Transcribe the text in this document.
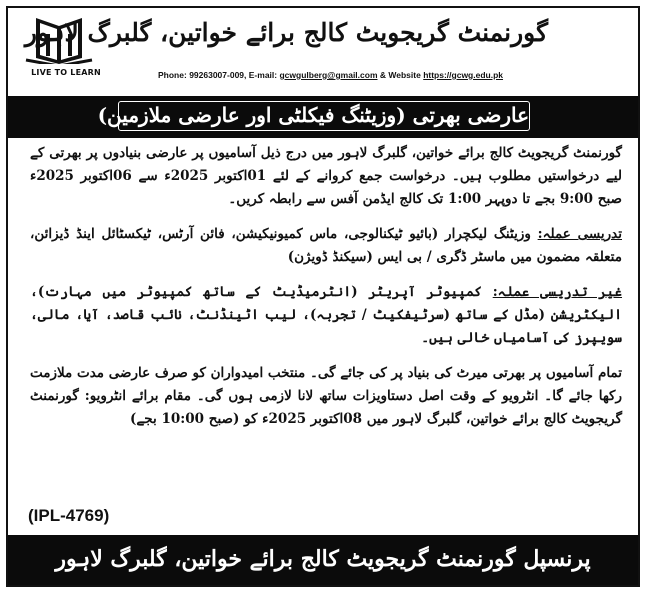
LIVE TO LEARN
گورنمنٹ گریجویٹ کالج برائے خواتین، گلبرگ لاہور
Phone: 99263007-009, E-mail: gcwgulberg@gmail.com & Website https://gcwg.edu.pk
عارضی بھرتی (وزیٹنگ فیکلٹی اور عارضی ملازمین)

گورنمنٹ گریجویٹ کالج برائے خواتین، گلبرگ لاہور میں درج ذیل آسامیوں پر عارضی بنیادوں پر بھرتی کے لیے درخواستیں مطلوب ہیں۔ درخواست جمع کروانے کے لئے 01اکتوبر 2025ء سے 06اکتوبر 2025ء صبح 9:00 بجے تا دوپہر 1:00 تک کالج ایڈمن آفس سے رابطہ کریں۔

تدریسی عملہ: وزیٹنگ لیکچرار (بائیو ٹیکنالوجی، ماس کمیونیکیشن، فائن آرٹس، ٹیکسٹائل اینڈ ڈیزائن، متعلقہ مضمون میں ماسٹر ڈگری / بی ایس (سیکنڈ ڈویژن)

غیر تدریسی عملہ: کمپیوٹر آپریٹر (انٹرمیڈیٹ کے ساتھ کمپیوٹر میں مہارت)، الیکٹریشن (مڈل کے ساتھ (سرٹیفکیٹ / تجربہ)، لیب اٹینڈنٹ، نائب قاصد، آیا، مالی، سویپرز کی آسامیاں خالی ہیں۔

تمام آسامیوں پر بھرتی میرٹ کی بنیاد پر کی جائے گی۔ منتخب امیدواران کو صرف عارضی مدت ملازمت رکھا جائے گا۔ انٹرویو کے وقت اصل دستاویزات ساتھ لانا لازمی ہوں گی۔ مقام برائے انٹرویو: گورنمنٹ گریجویٹ کالج برائے خواتین، گلبرگ لاہور میں 08اکتوبر 2025ء کو (صبح 10:00 بجے)

(IPL-4769)
پرنسپل گورنمنٹ گریجویٹ کالج برائے خواتین، گلبرگ لاہور
